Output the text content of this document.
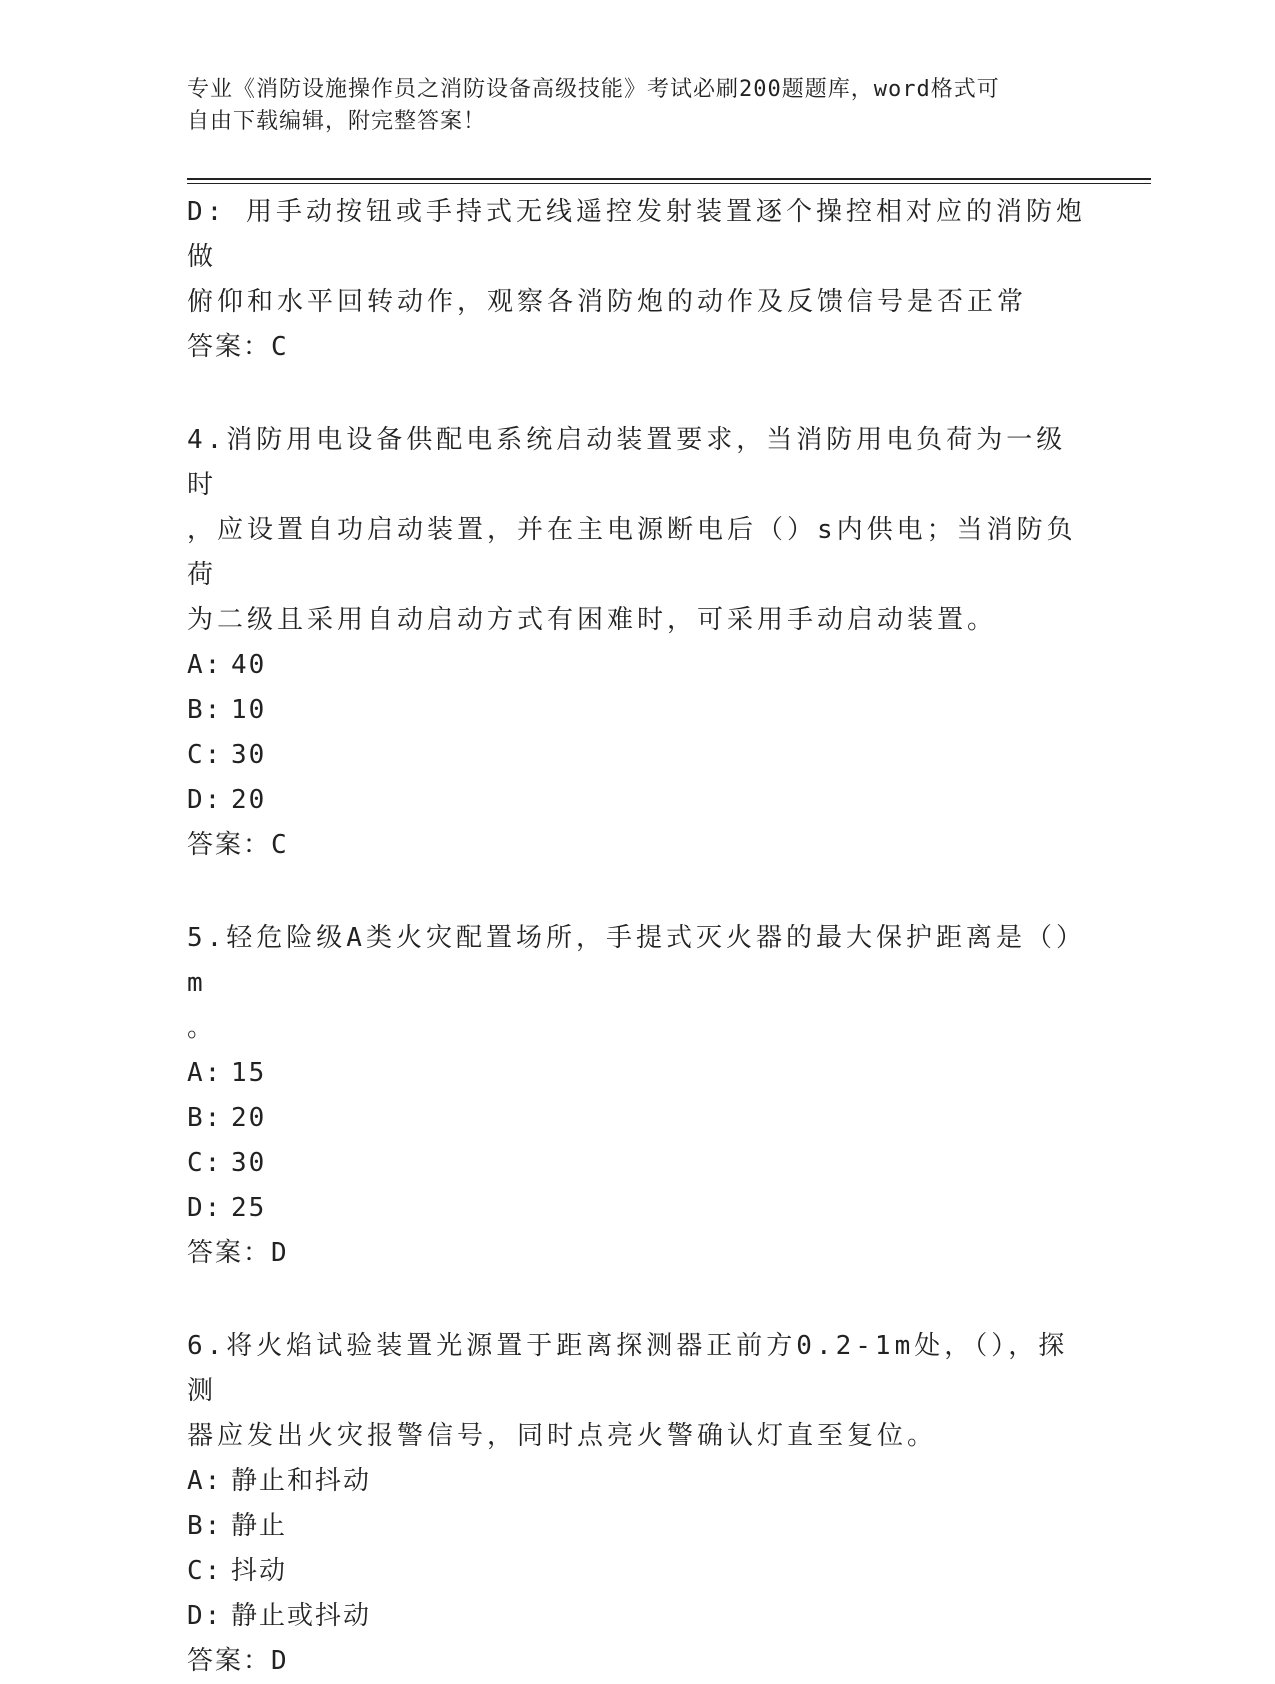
专业《消防设施操作员之消防设备高级技能》考试必刷200题题库，word格式可
自由下载编辑，附完整答案！

D: 用手动按钮或手持式无线遥控发射装置逐个操控相对应的消防炮做

俯仰和水平回转动作，观察各消防炮的动作及反馈信号是否正常

答案：C

4.消防用电设备供配电系统启动装置要求，当消防用电负荷为一级时

，应设置自功启动装置，并在主电源断电后（）s内供电；当消防负荷

为二级且采用自动启动方式有困难时，可采用手动启动装置。

A: 40

B: 10

C: 30

D: 20

答案：C

5.轻危险级A类火灾配置场所，手提式灭火器的最大保护距离是（）m

。

A: 15

B: 20

C: 30

D: 25

答案：D

6.将火焰试验装置光源置于距离探测器正前方0.2-1m处，（），探测

器应发出火灾报警信号，同时点亮火警确认灯直至复位。

A: 静止和抖动

B: 静止

C: 抖动

D: 静止或抖动

答案：D
